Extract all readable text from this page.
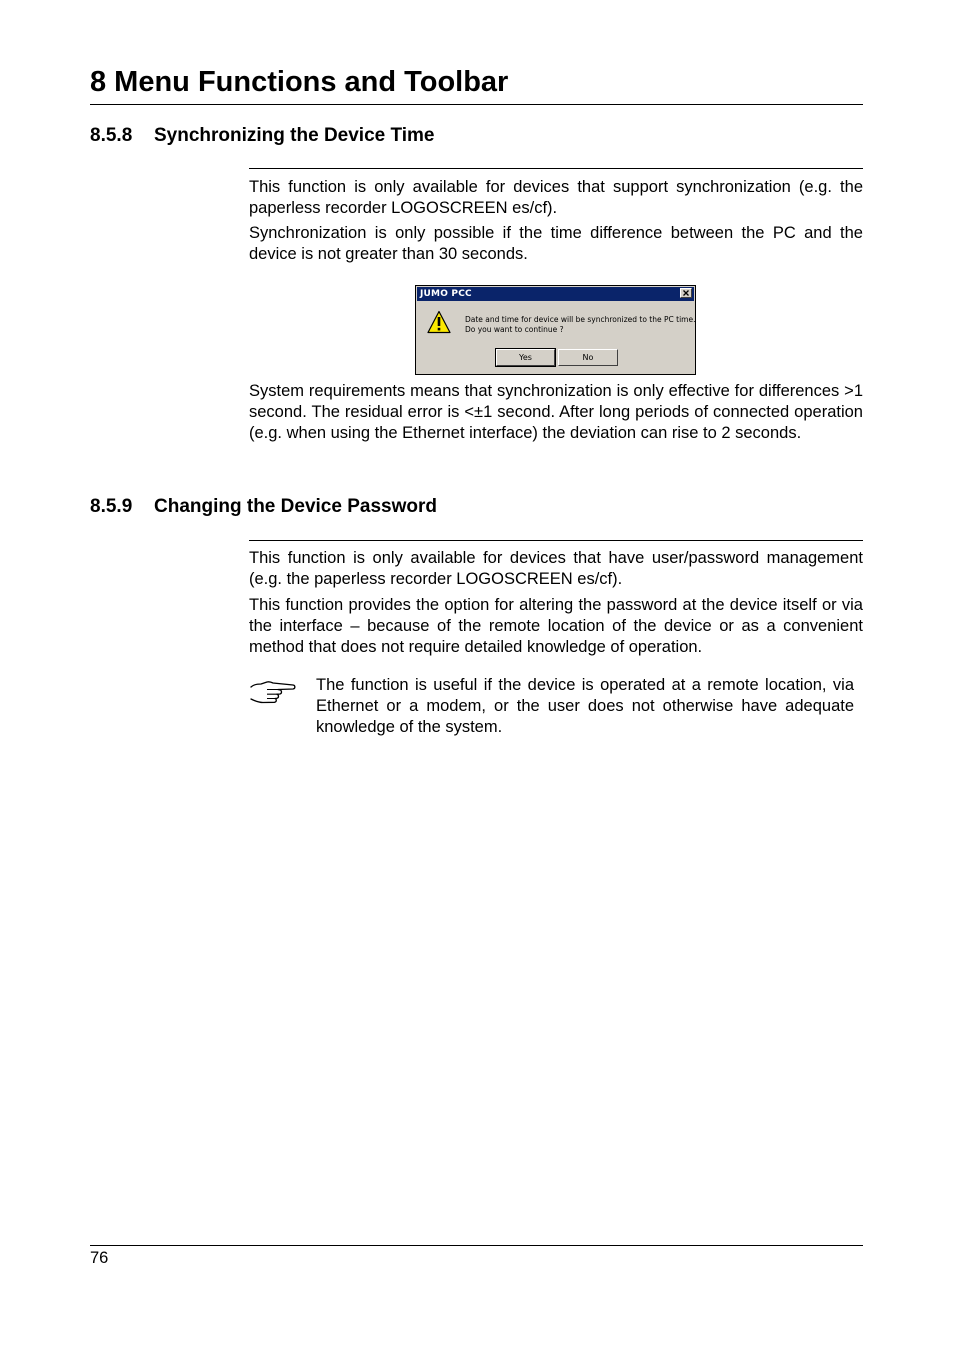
8 Menu Functions and Toolbar
8.5.8 Synchronizing the Device Time

This function is only available for devices that support synchronization (e.g. the paperless recorder LOGOSCREEN es/cf).

Synchronization is only possible if the time difference between the PC and the device is not greater than 30 seconds.

JUMO PCC
Date and time for device will be synchronized to the PC time.
Do you want to continue ?
Yes	No

System requirements means that synchronization is only effective for differences >1 second. The residual error is <±1 second. After long periods of connected operation (e.g. when using the Ethernet interface) the deviation can rise to 2 seconds.

8.5.9 Changing the Device Password

This function is only available for devices that have user/password management (e.g. the paperless recorder LOGOSCREEN es/cf).

This function provides the option for altering the password at the device itself or via the interface – because of the remote location of the device or as a convenient method that does not require detailed knowledge of operation.

The function is useful if the device is operated at a remote location, via Ethernet or a modem, or the user does not otherwise have adequate knowledge of the system.

76
